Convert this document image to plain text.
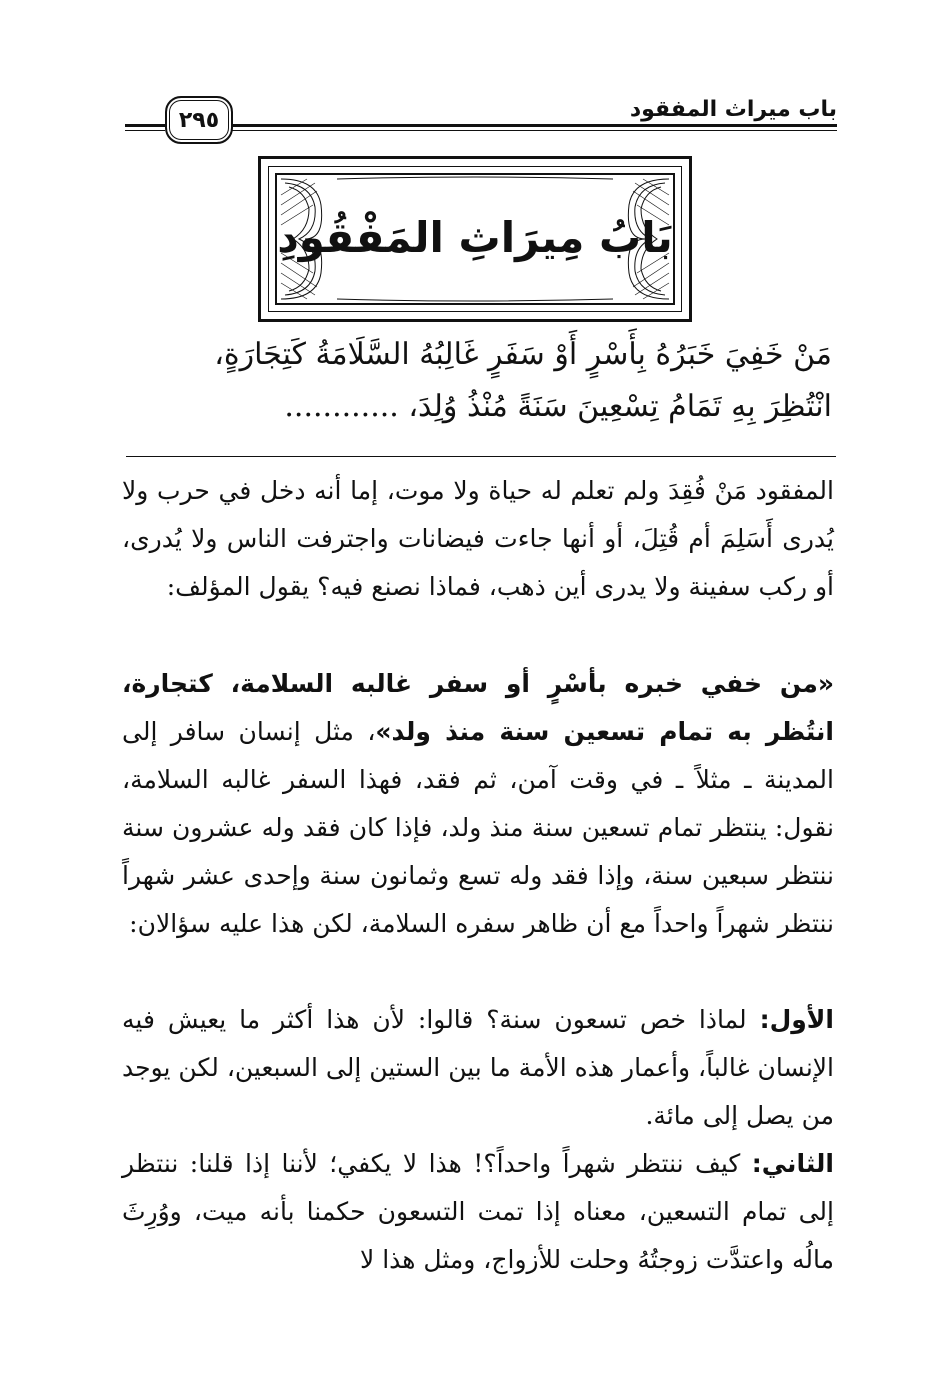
باب ميراث المفقود
٢٩٥
بَابُ مِيرَاثِ المَفْقُودِ
مَنْ خَفِيَ خَبَرُهُ بِأَسْرٍ أَوْ سَفَرٍ غَالِبُهُ السَّلَامَةُ كَتِجَارَةٍ،
انْتُظِرَ بِهِ تَمَامُ تِسْعِينَ سَنَةً مُنْذُ وُلِدَ، ............
المفقود مَنْ فُقِدَ ولم تعلم له حياة ولا موت، إما أنه دخل في حرب ولا يُدرى أَسَلِمَ أم قُتِلَ، أو أنها جاءت فيضانات واجترفت الناس ولا يُدرى، أو ركب سفينة ولا يدرى أين ذهب، فماذا نصنع فيه؟ يقول المؤلف:
«من خفي خبره بأسْرٍ أو سفر غالبه السلامة، كتجارة، انتُظر به تمام تسعين سنة منذ ولد»، مثل إنسان سافر إلى المدينة ـ مثلاً ـ في وقت آمن، ثم فقد، فهذا السفر غالبه السلامة، نقول: ينتظر تمام تسعين سنة منذ ولد، فإذا كان فقد وله عشرون سنة ننتظر سبعين سنة، وإذا فقد وله تسع وثمانون سنة وإحدى عشر شهراً ننتظر شهراً واحداً مع أن ظاهر سفره السلامة، لكن هذا عليه سؤالان:
الأول: لماذا خص تسعون سنة؟ قالوا: لأن هذا أكثر ما يعيش فيه الإنسان غالباً، وأعمار هذه الأمة ما بين الستين إلى السبعين، لكن يوجد من يصل إلى مائة.
الثاني: كيف ننتظر شهراً واحداً؟! هذا لا يكفي؛ لأننا إذا قلنا: ننتظر إلى تمام التسعين، معناه إذا تمت التسعون حكمنا بأنه ميت، ووُرِثَ مالُه واعتدَّت زوجتُهُ وحلت للأزواج، ومثل هذا لا
